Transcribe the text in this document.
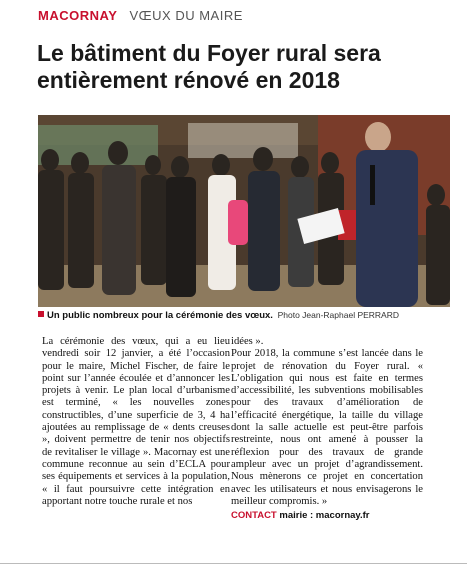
MACORNAY VŒUX DU MAIRE
Le bâtiment du Foyer rural sera entièrement rénové en 2018
Un public nombreux pour la cérémonie des vœux. Photo Jean-Raphael PERRARD

La cérémonie des vœux, qui a eu lieu vendredi soir 12 janvier, a été l’occasion pour le maire, Michel Fischer, de faire le point sur l’année écoulée et d’annoncer les projets à venir. Le plan local d’urbanisme est terminé, « les nouvelles zones constructibles, d’une superficie de 3, 4 ha ajoutées au remplissage de « dents creuses », doivent permettre de tenir nos objectifs de revitaliser le village ». Macornay est une commune reconnue au sein d’ECLA pour ses équipements et services à la population, « il faut poursuivre cette intégration en apportant notre touche rurale et nos

idées ».

Pour 2018, la commune s’est lancée dans le projet de rénovation du Foyer rural. « L’obligation qui nous est faite en termes d’accessibilité, les subventions mobilisables pour des travaux d’amélioration de l’efficacité énergétique, la taille du village dont la salle actuelle est peut-être parfois restreinte, nous ont amené à pousser la réflexion pour des travaux de grande ampleur avec un projet d’agrandissement. Nous mènerons ce projet en concertation avec les utilisateurs et nous envisagerons le meilleur compromis. »

CONTACT mairie : macornay.fr
